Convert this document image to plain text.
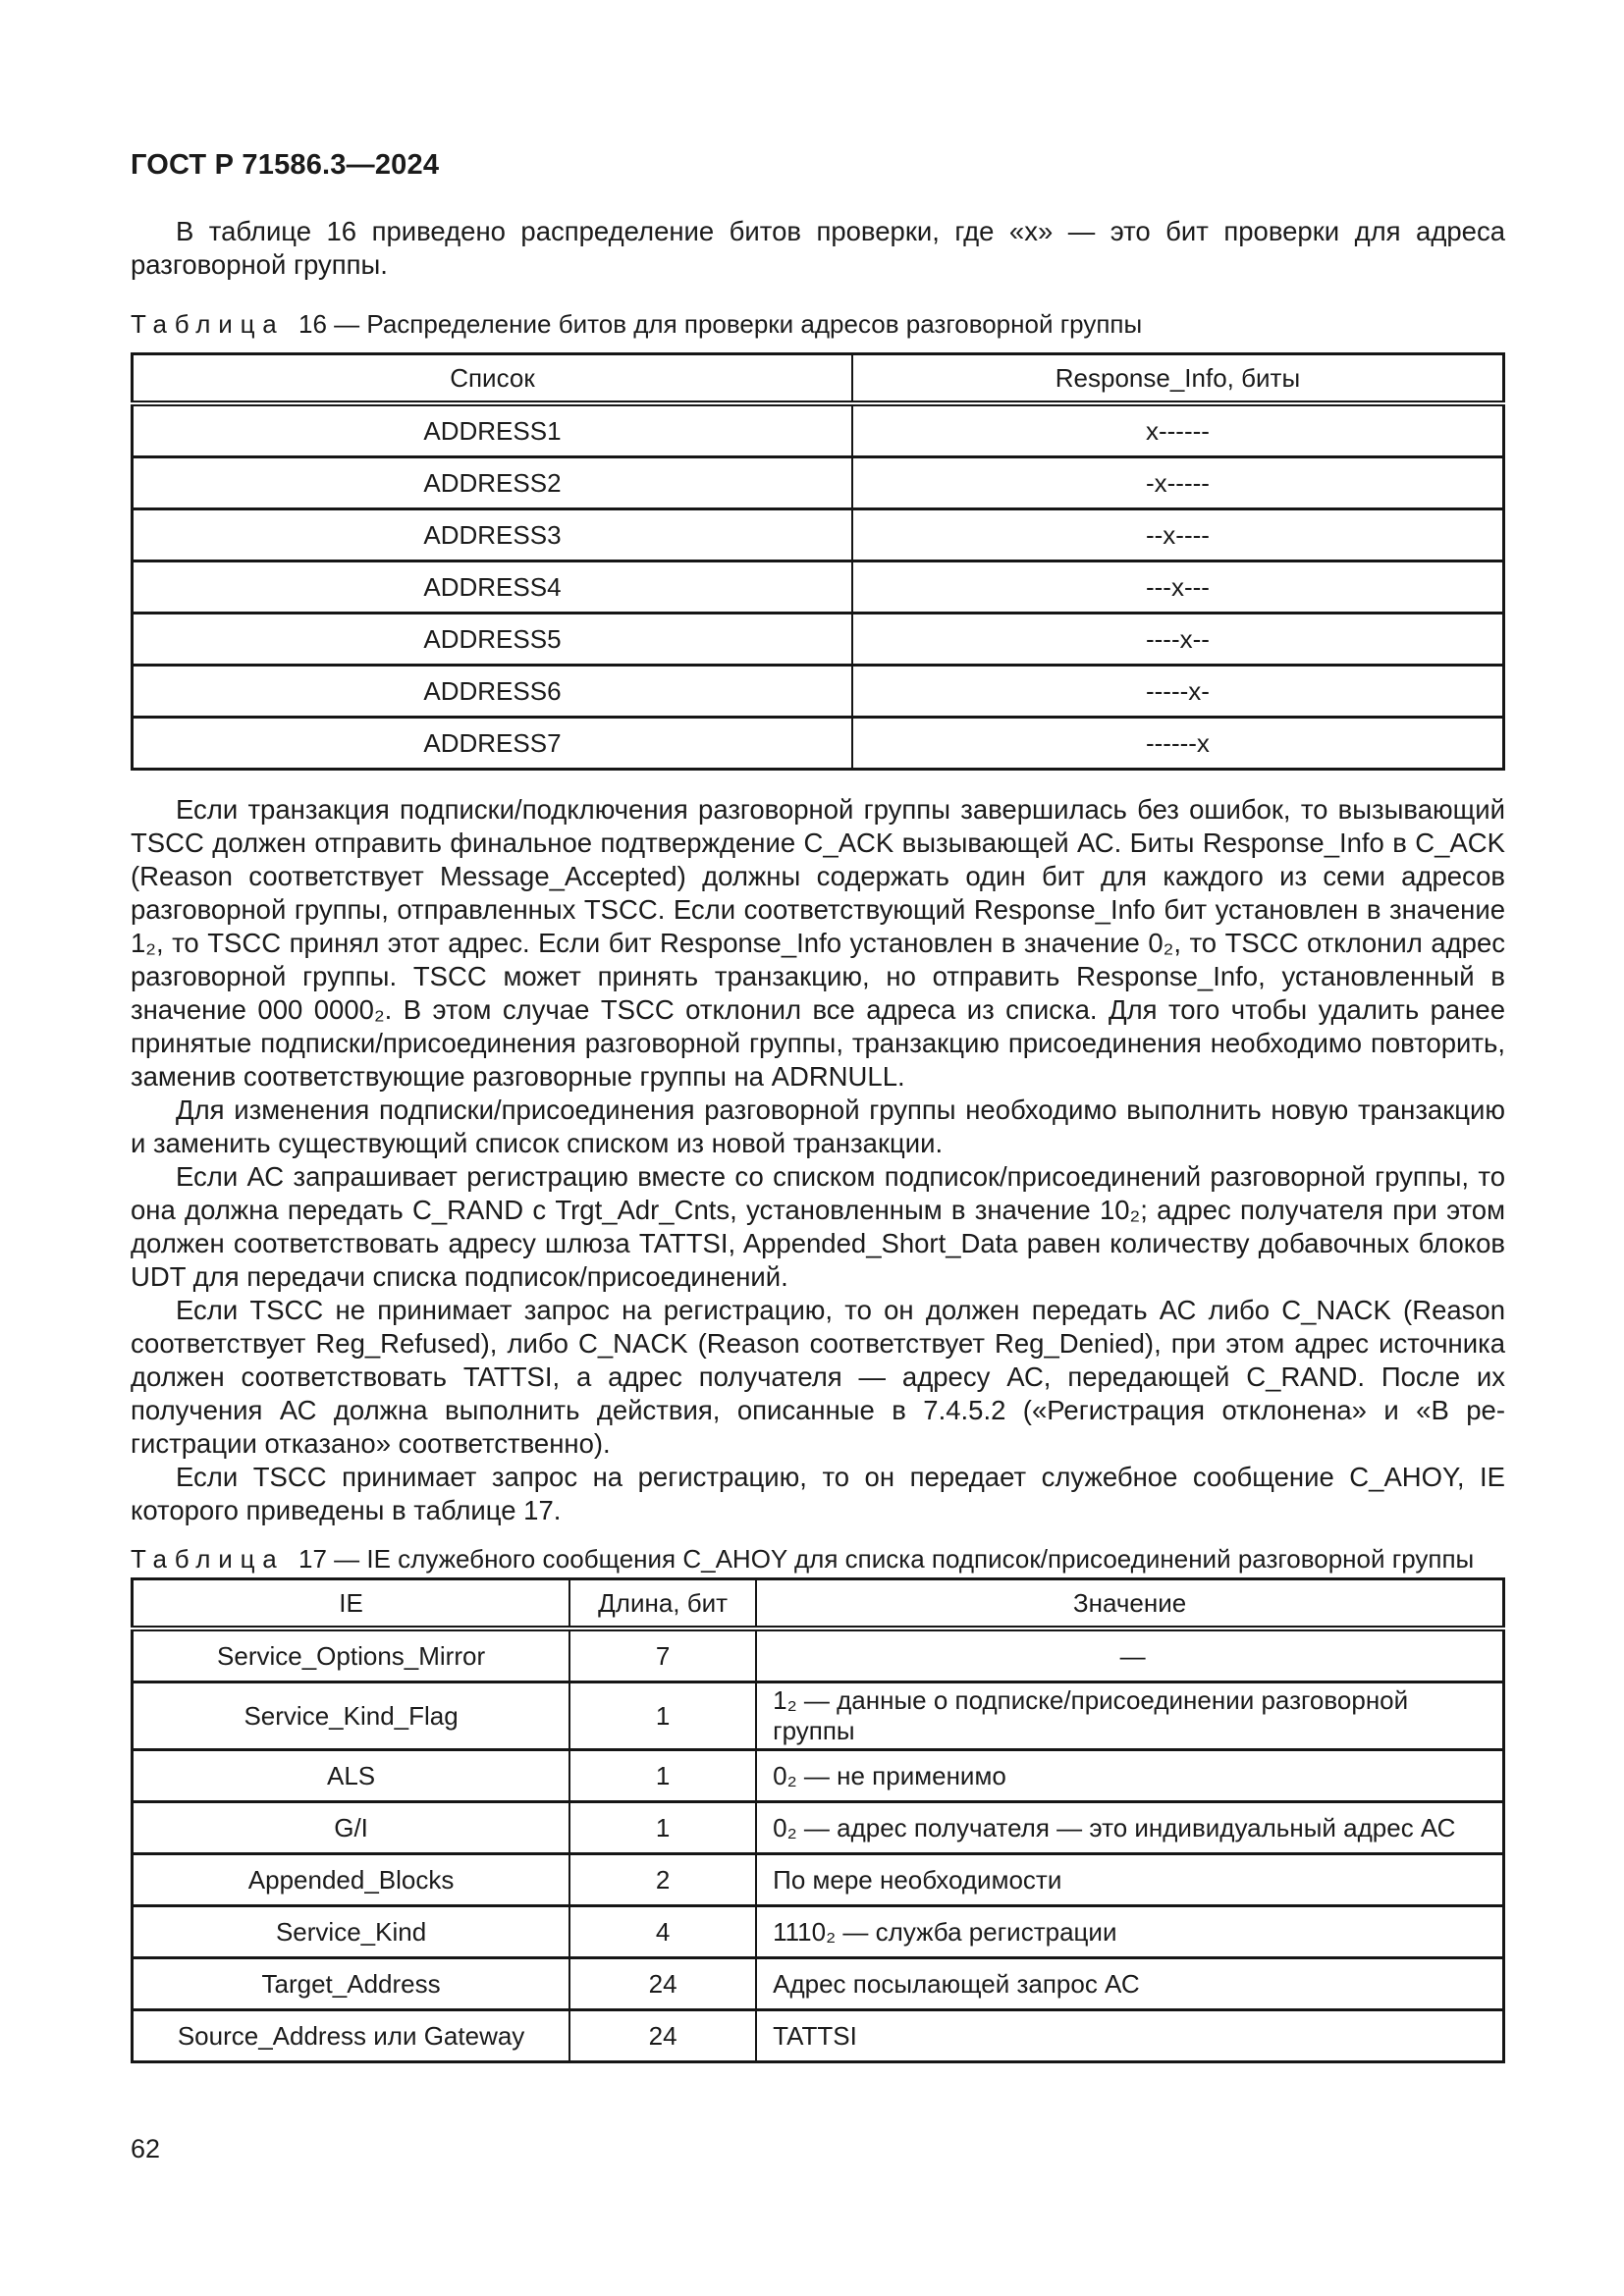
ГОСТ Р 71586.3—2024

В таблице 16 приведено распределение битов проверки, где «х» — это бит проверки для адреса разговорной группы.

Таблица 16 — Распределение битов для проверки адресов разговорной группы

Список	Response_Info, биты
ADDRESS1	x------
ADDRESS2	-x-----
ADDRESS3	--x----
ADDRESS4	---x---
ADDRESS5	----x--
ADDRESS6	-----x-
ADDRESS7	------x

Если транзакция подписки/подключения разговорной группы завершилась без ошибок, то вызывающий TSCC должен отправить финальное подтверждение C_ACK вызывающей АС. Биты Response_Info в C_ACK (Reason соответствует Message_Accepted) должны содержать один бит для каждого из семи адресов разговорной группы, отправленных TSCC. Если соответствующий Response_Info бит установлен в значение 1₂, то TSCC принял этот адрес. Если бит Response_Info установлен в значение 0₂, то TSCC отклонил адрес разговорной группы. TSCC может принять транзакцию, но отправить Response_Info, установленный в значение 000 0000₂. В этом случае TSCC отклонил все адреса из списка. Для того чтобы удалить ранее принятые подписки/присоединения разговорной группы, транзакцию присоединения необходимо повторить, заменив соответствующие разговорные группы на ADRNULL.

Для изменения подписки/присоединения разговорной группы необходимо выполнить новую транзакцию и заменить существующий список списком из новой транзакции.

Если АС запрашивает регистрацию вместе со списком подписок/присоединений разговорной группы, то она должна передать C_RAND с Trgt_Adr_Cnts, установленным в значение 10₂; адрес получателя при этом должен соответствовать адресу шлюза TATTSI, Appended_Short_Data равен количеству добавочных блоков UDT для передачи списка подписок/присоединений.

Если TSCC не принимает запрос на регистрацию, то он должен передать АС либо C_NACK (Reason соответствует Reg_Refused), либо C_NACK (Reason соответствует Reg_Denied), при этом адрес источника должен соответствовать TATTSI, а адрес получателя — адресу АС, передающей C_RAND. После их получения АС должна выполнить действия, описанные в 7.4.5.2 («Регистрация отклонена» и «В регистрации отказано» соответственно).

Если TSCC принимает запрос на регистрацию, то он передает служебное сообщение C_AHOY, IE которого приведены в таблице 17.

Таблица 17 — IE служебного сообщения C_AHOY для списка подписок/присоединений разговорной группы

IE	Длина, бит	Значение
Service_Options_Mirror	7	—
Service_Kind_Flag	1	1₂ — данные о подписке/присоединении разговорной группы
ALS	1	0₂ — не применимо
G/I	1	0₂ — адрес получателя — это индивидуальный адрес АС
Appended_Blocks	2	По мере необходимости
Service_Kind	4	1110₂ — служба регистрации
Target_Address	24	Адрес посылающей запрос АС
Source_Address или Gateway	24	TATTSI

62
